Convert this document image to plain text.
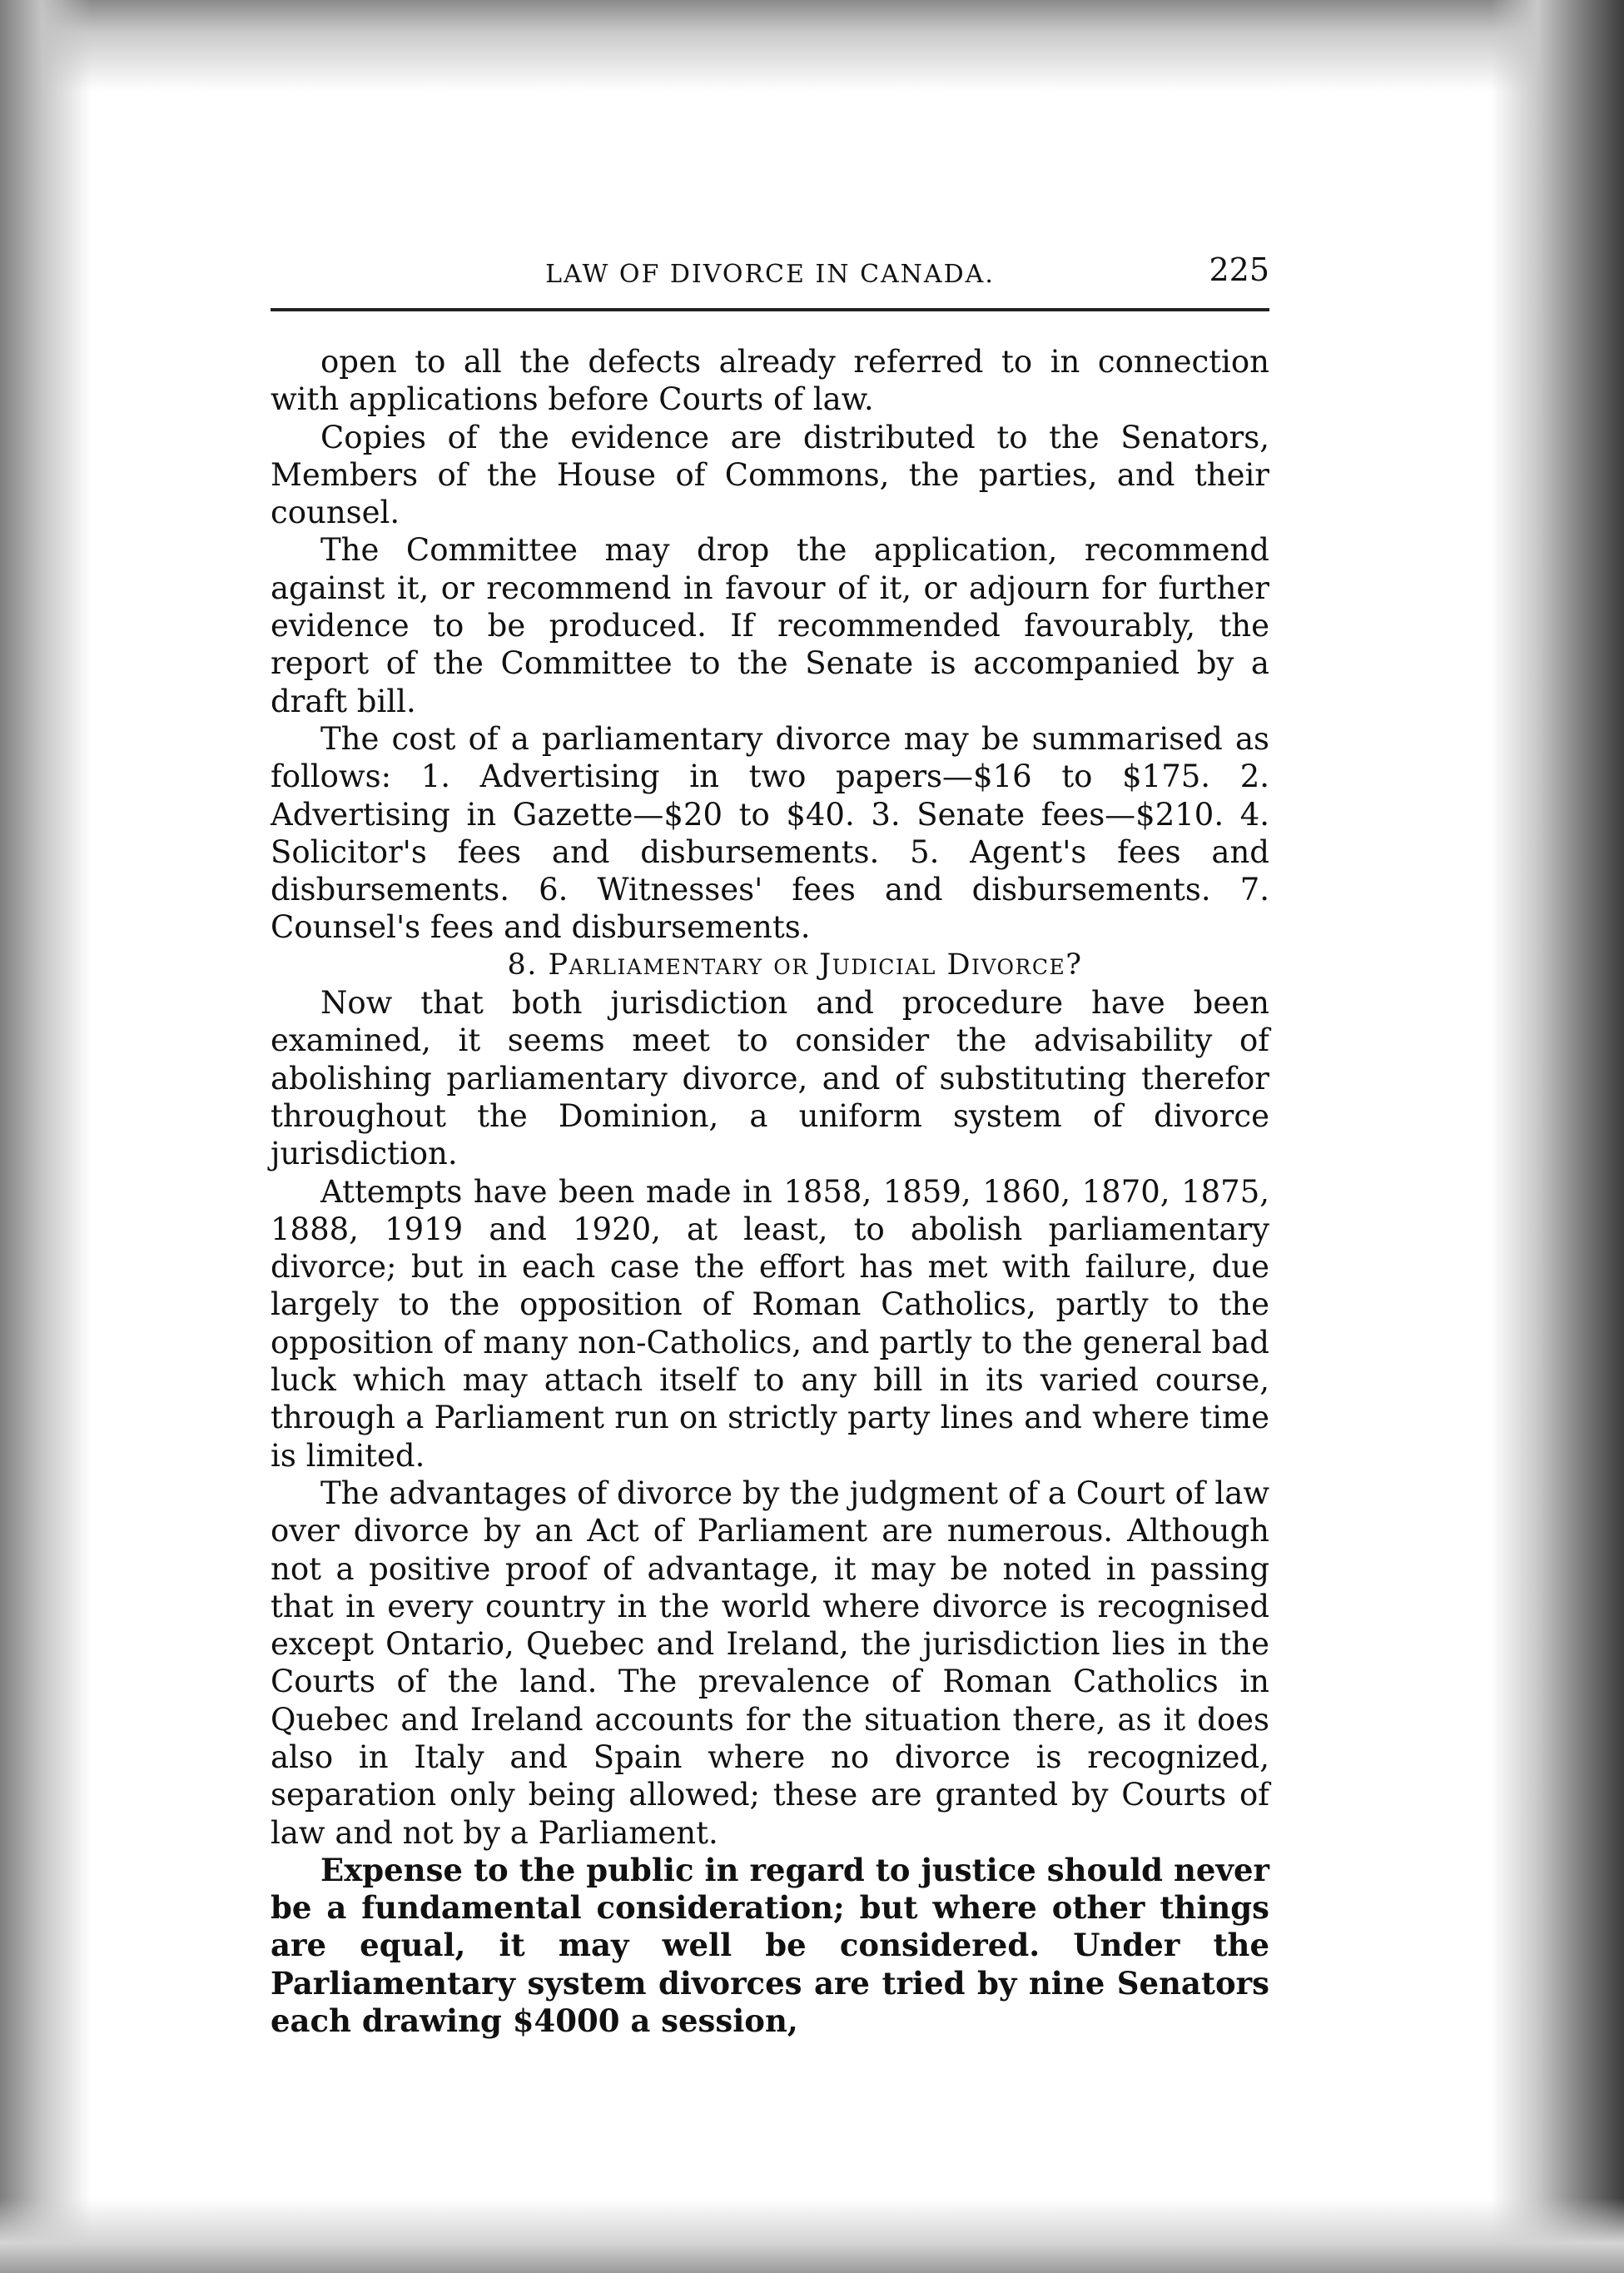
LAW OF DIVORCE IN CANADA.	225

open to all the defects already referred to in connection with applications before Courts of law.

Copies of the evidence are distributed to the Senators, Members of the House of Commons, the parties, and their counsel.

The Committee may drop the application, recommend against it, or recommend in favour of it, or adjourn for further evidence to be produced. If recommended favourably, the report of the Committee to the Senate is accompanied by a draft bill.

The cost of a parliamentary divorce may be summarised as follows: 1. Advertising in two papers—$16 to $175. 2. Advertising in Gazette—$20 to $40. 3. Senate fees—$210. 4. Solicitor's fees and disbursements. 5. Agent's fees and disbursements. 6. Witnesses' fees and disbursements. 7. Counsel's fees and disbursements.

8. Parliamentary or Judicial Divorce?

Now that both jurisdiction and procedure have been examined, it seems meet to consider the advisability of abolishing parliamentary divorce, and of substituting therefor throughout the Dominion, a uniform system of divorce jurisdiction.

Attempts have been made in 1858, 1859, 1860, 1870, 1875, 1888, 1919 and 1920, at least, to abolish parliamentary divorce; but in each case the effort has met with failure, due largely to the opposition of Roman Catholics, partly to the opposition of many non-Catholics, and partly to the general bad luck which may attach itself to any bill in its varied course, through a Parliament run on strictly party lines and where time is limited.

The advantages of divorce by the judgment of a Court of law over divorce by an Act of Parliament are numerous. Although not a positive proof of advantage, it may be noted in passing that in every country in the world where divorce is recognised except Ontario, Quebec and Ireland, the jurisdiction lies in the Courts of the land. The prevalence of Roman Catholics in Quebec and Ireland accounts for the situation there, as it does also in Italy and Spain where no divorce is recognized, separation only being allowed; these are granted by Courts of law and not by a Parliament.

Expense to the public in regard to justice should never be a fundamental consideration; but where other things are equal, it may well be considered. Under the Parliamentary system divorces are tried by nine Senators each drawing $4000 a session,
